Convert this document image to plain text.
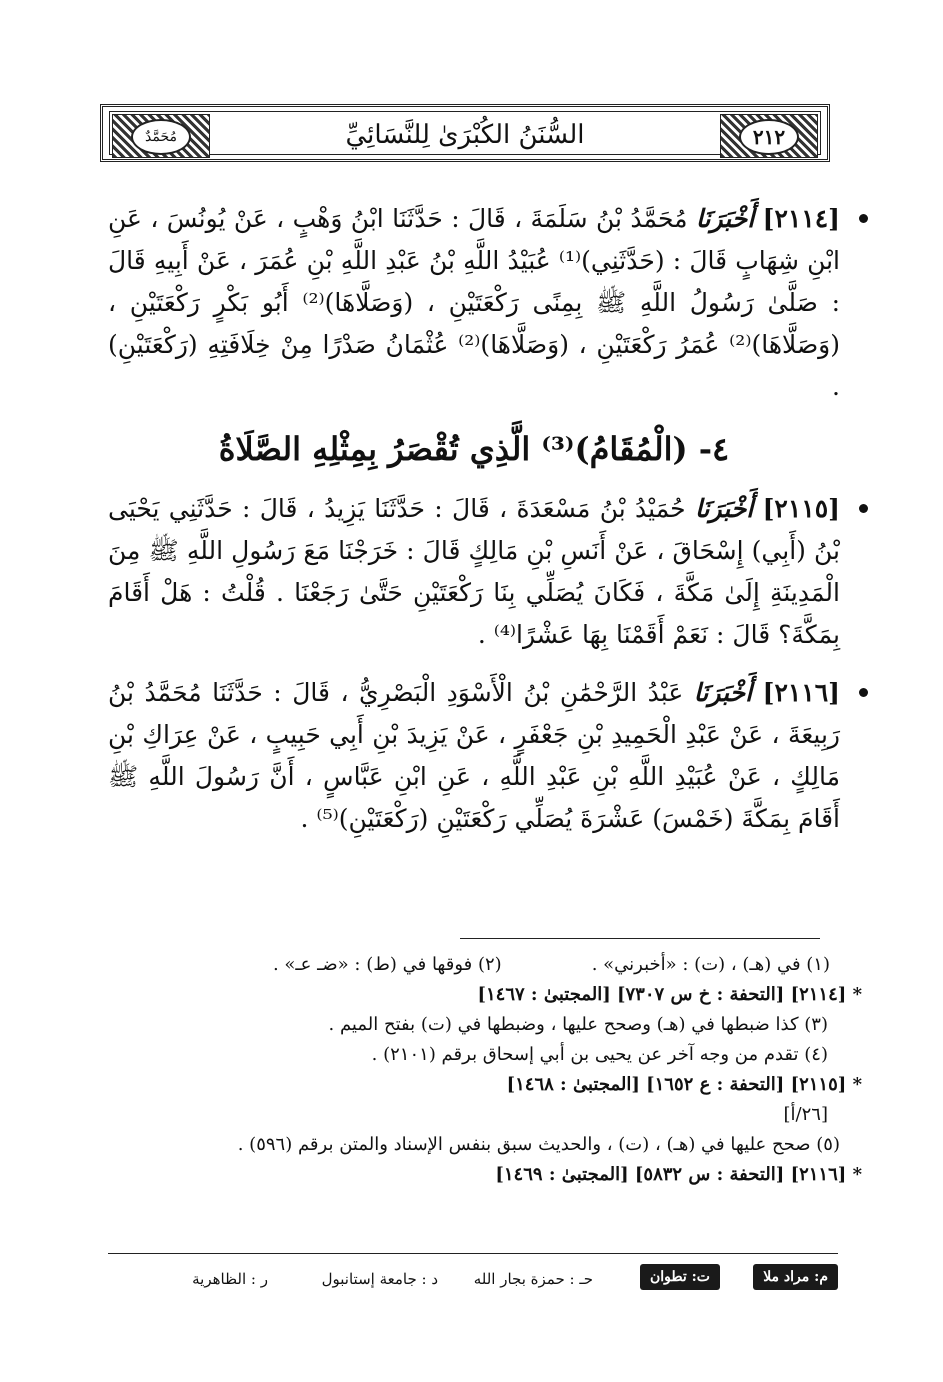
٢١٢
السُّنَنُ الكُبْرَىٰ لِلنَّسَائِيِّ
مُحَمَّدٌ

[٢١١٤] أَخْبَرَنَا مُحَمَّدُ بْنُ سَلَمَةَ ، قَالَ : حَدَّثَنَا ابْنُ وَهْبٍ ، عَنْ يُونُسَ ، عَنِ ابْنِ شِهَابٍ قَالَ : (حَدَّثَنِي)⁽¹⁾ عُبَيْدُ اللَّهِ بْنُ عَبْدِ اللَّهِ بْنِ عُمَرَ ، عَنْ أَبِيهِ قَالَ : صَلَّىٰ رَسُولُ اللَّهِ ﷺ بِمِنًى رَكْعَتَيْنِ ، (وَصَلَّاهَا)⁽²⁾ أَبُو بَكْرٍ رَكْعَتَيْنِ ، (وَصَلَّاهَا)⁽²⁾ عُمَرُ رَكْعَتَيْنِ ، (وَصَلَّاهَا)⁽²⁾ عُثْمَانُ صَدْرًا مِنْ خِلَافَتِهِ (رَكْعَتَيْنِ) .

٤- (الْمُقَامُ)⁽³⁾ الَّذِي تُقْصَرُ بِمِثْلِهِ الصَّلَاةُ

[٢١١٥] أَخْبَرَنَا حُمَيْدُ بْنُ مَسْعَدَةَ ، قَالَ : حَدَّثَنَا يَزِيدُ ، قَالَ : حَدَّثَنِي يَحْيَى بْنُ (أَبِي) إِسْحَاقَ ، عَنْ أَنَسِ بْنِ مَالِكٍ قَالَ : خَرَجْنَا مَعَ رَسُولِ اللَّهِ ﷺ مِنَ الْمَدِينَةِ إِلَىٰ مَكَّةَ ، فَكَانَ يُصَلِّي بِنَا رَكْعَتَيْنِ حَتَّىٰ رَجَعْنَا . قُلْتُ : هَلْ أَقَامَ بِمَكَّةَ؟ قَالَ : نَعَمْ أَقَمْنَا بِهَا عَشْرًا⁽⁴⁾ .

[٢١١٦] أَخْبَرَنَا عَبْدُ الرَّحْمَٰنِ بْنُ الْأَسْوَدِ الْبَصْرِيُّ ، قَالَ : حَدَّثَنَا مُحَمَّدُ بْنُ رَبِيعَةَ ، عَنْ عَبْدِ الْحَمِيدِ بْنِ جَعْفَرٍ ، عَنْ يَزِيدَ بْنِ أَبِي حَبِيبٍ ، عَنْ عِرَاكِ بْنِ مَالِكٍ ، عَنْ عُبَيْدِ اللَّهِ بْنِ عَبْدِ اللَّهِ ، عَنِ ابْنِ عَبَّاسٍ ، أَنَّ رَسُولَ اللَّهِ ﷺ أَقَامَ بِمَكَّةَ (خَمْسَ) عَشْرَةَ يُصَلِّي رَكْعَتَيْنِ (رَكْعَتَيْنِ)⁽⁵⁾ .

(١) في (هـ) ، (ت) : «أخبرني» .
(٢) فوقها في (ط) : «ضـ عـ» .

* [٢١١٤] [التحفة : خ س ٧٣٠٧] [المجتبىٰ : ١٤٦٧]

(٣) كذا ضبطها في (هـ) وصحح عليها ، وضبطها في (ت) بفتح الميم .

(٤) تقدم من وجه آخر عن يحيى بن أبي إسحاق برقم (٢١٠١) .

* [٢١١٥] [التحفة : ع ١٦٥٢] [المجتبىٰ : ١٤٦٨]

[٢٦/أ]

(٥) صحح عليها في (هـ) ، (ت) ، والحديث سبق بنفس الإسناد والمتن برقم (٥٩٦) .

* [٢١١٦] [التحفة : س ٥٨٣٢] [المجتبىٰ : ١٤٦٩]

م: مراد ملا
ت: تطوان
حـ : حمزة بجار الله
د : جامعة إستانبول
ر : الظاهرية
